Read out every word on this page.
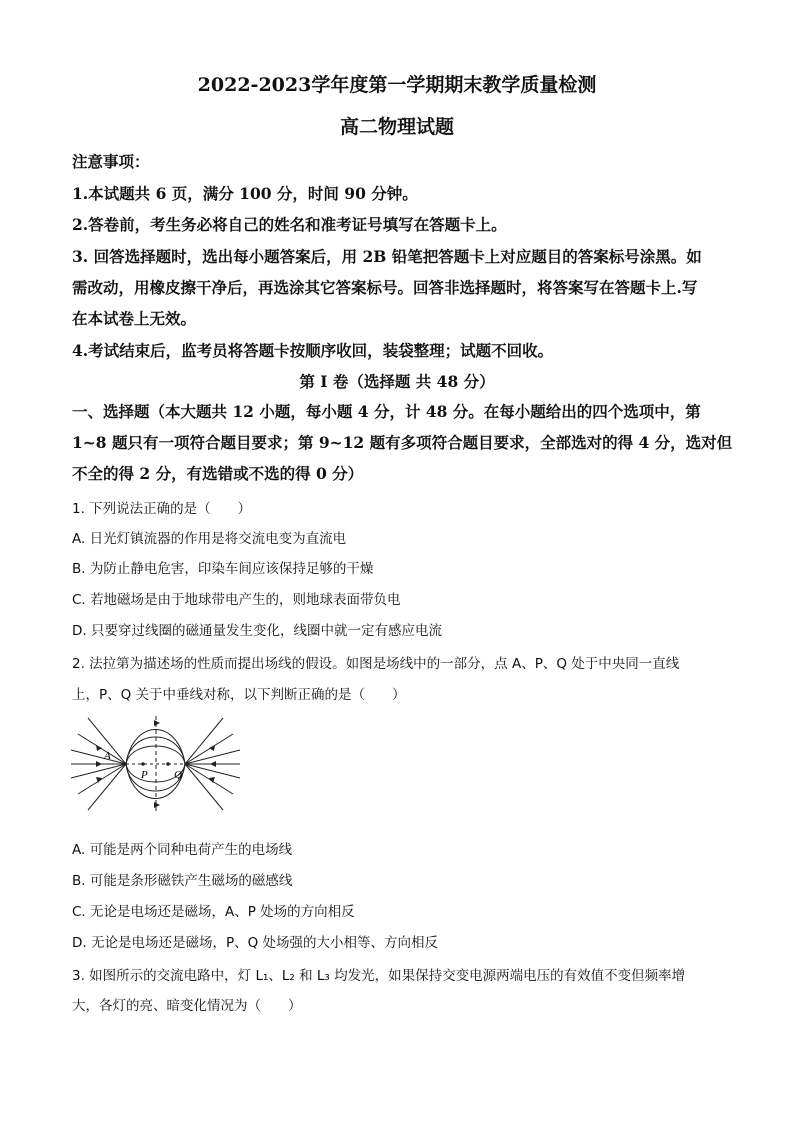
2022-2023学年度第一学期期末教学质量检测
高二物理试题
注意事项：
1.本试题共 6 页，满分 100 分，时间 90 分钟。
2.答卷前，考生务必将自己的姓名和准考证号填写在答题卡上。
3. 回答选择题时，选出每小题答案后，用 2B 铅笔把答题卡上对应题目的答案标号涂黑。如
需改动，用橡皮擦干净后，再选涂其它答案标号。回答非选择题时，将答案写在答题卡上.写
在本试卷上无效。
4.考试结束后，监考员将答题卡按顺序收回，装袋整理；试题不回收。
第 I 卷（选择题 共 48 分）
一、选择题（本大题共 12 小题，每小题 4 分，计 48 分。在每小题给出的四个选项中，第
1~8 题只有一项符合题目要求；第 9~12 题有多项符合题目要求，全部选对的得 4 分，选对但
不全的得 2 分，有选错或不选的得 0 分）
1. 下列说法正确的是（　　）
A. 日光灯镇流器的作用是将交流电变为直流电
B. 为防止静电危害，印染车间应该保持足够的干燥
C. 若地磁场是由于地球带电产生的，则地球表面带负电
D. 只要穿过线圈的磁通量发生变化，线圈中就一定有感应电流
2. 法拉第为描述场的性质而提出场线的假设。如图是场线中的一部分，点 A、P、Q 处于中央同一直线
上，P、Q 关于中垂线对称，以下判断正确的是（　　）
A
P Q
A. 可能是两个同种电荷产生的电场线
B. 可能是条形磁铁产生磁场的磁感线
C. 无论是电场还是磁场，A、P 处场的方向相反
D. 无论是电场还是磁场，P、Q 处场强的大小相等、方向相反
3. 如图所示的交流电路中，灯 L₁、L₂ 和 L₃ 均发光，如果保持交变电源两端电压的有效值不变但频率增
大，各灯的亮、暗变化情况为（　　）
